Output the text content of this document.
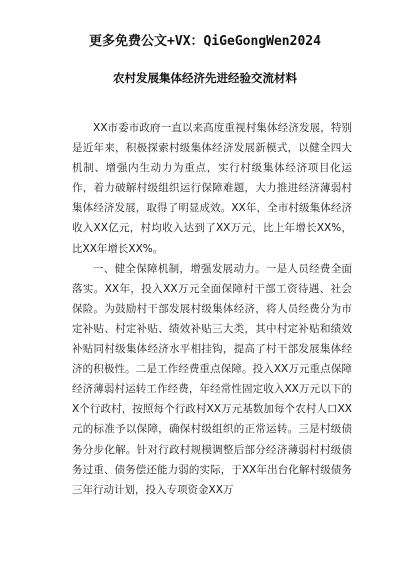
更多免费公文+VX：QiGeGongWen2024
农村发展集体经济先进经验交流材料

XX市委市政府一直以来高度重视村集体经济发展，特别是近年来，积极探索村级集体经济发展新模式，以健全四大机制、增强内生动力为重点，实行村级集体经济项目化运作，着力破解村级组织运行保障难题，大力推进经济薄弱村集体经济发展，取得了明显成效。XX年，全市村级集体经济收入XX亿元，村均收入达到了XX万元，比上年增长XX%，比XX年增长XX%。

一、健全保障机制，增强发展动力。一是人员经费全面落实。XX年，投入XX万元全面保障村干部工资待遇、社会保险。为鼓励村干部发展村级集体经济，将人员经费分为市定补贴、村定补贴、绩效补贴三大类，其中村定补贴和绩效补贴同村级集体经济水平相挂钩，提高了村干部发展集体经济的积极性。二是工作经费重点保障。投入XX万元重点保障经济薄弱村运转工作经费，年经常性固定收入XX万元以下的X个行政村，按照每个行政村XX万元基数加每个农村人口XX元的标准予以保障，确保村级组织的正常运转。三是村级债务分步化解。针对行政村规模调整后部分经济薄弱村村级债务过重、债务偿还能力弱的实际，于XX年出台化解村级债务三年行动计划，投入专项资金XX万
